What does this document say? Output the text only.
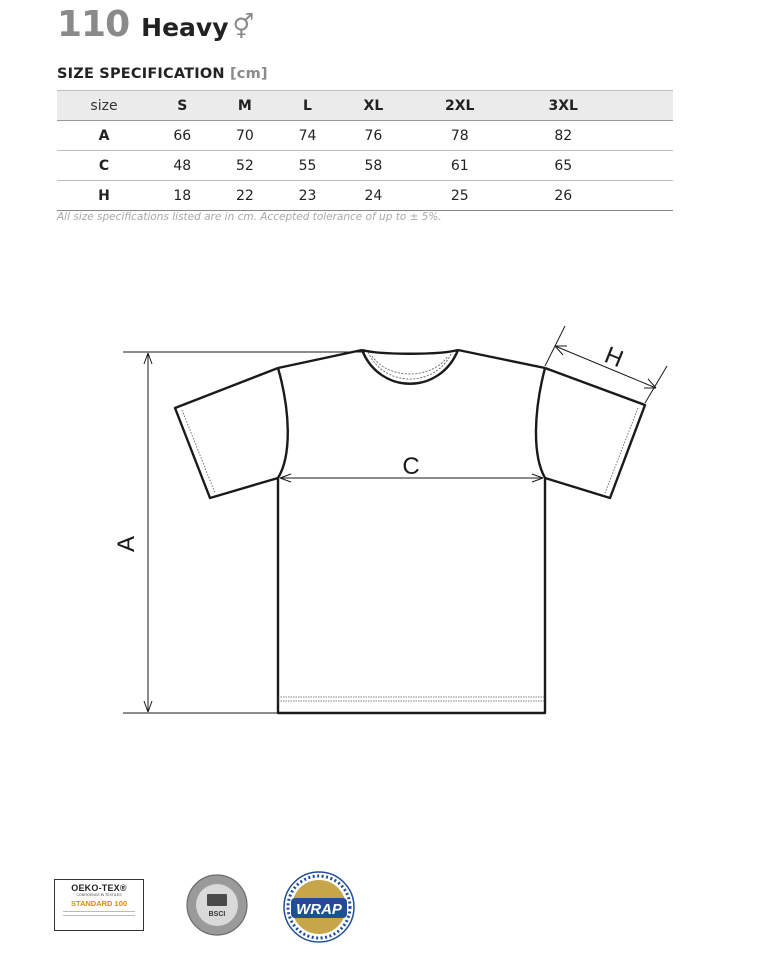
110 Heavy ⚥
SIZE SPECIFICATION [cm]
size	S	M	L	XL	2XL	3XL	
A	66	70	74	76	78	82	
C	48	52	55	58	61	65	
H	18	22	23	24	25	26	
All size specifications listed are in cm. Accepted tolerance of up to ± 5%.
A
C
H
OEKO-TEX®
CONFIDENCE IN TEXTILES
STANDARD 100
BSCI	WRAP
